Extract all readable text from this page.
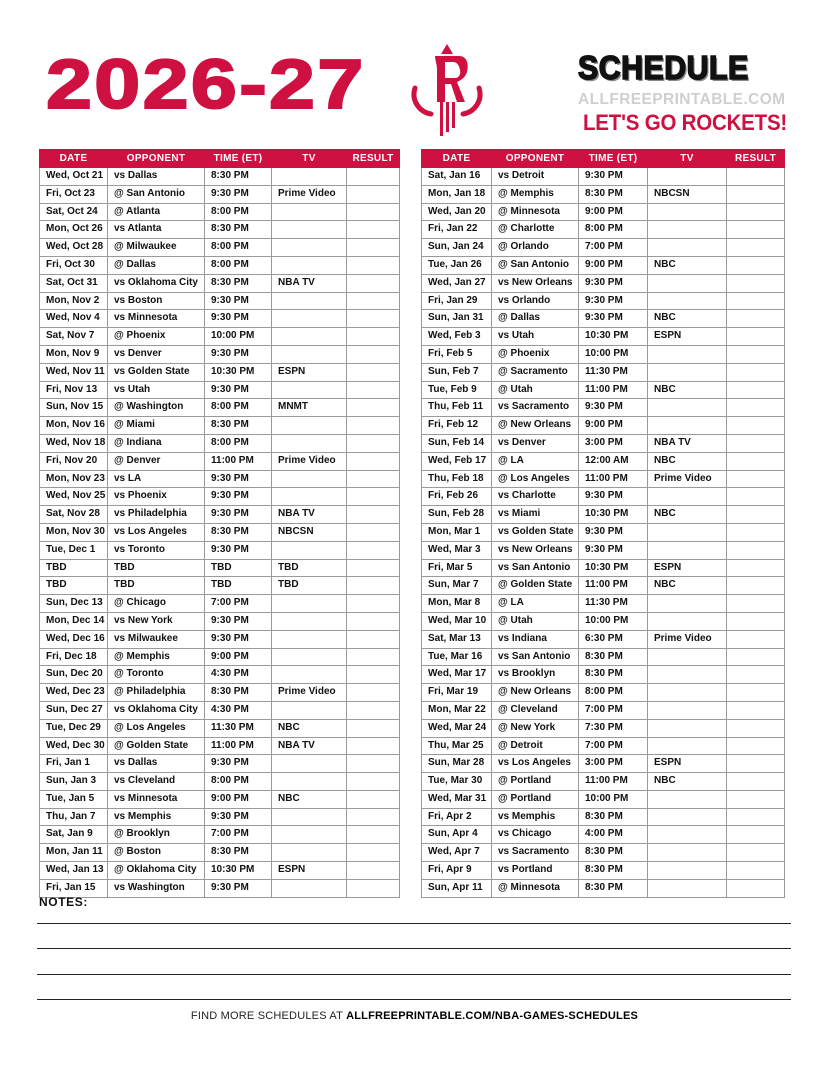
2026-27	SCHEDULE
ALLFREEPRINTABLE.COM
LET'S GO ROCKETS!
DATE	OPPONENT	TIME (ET)	TV	RESULT
Wed, Oct 21	vs Dallas	8:30 PM		
Fri, Oct 23	@ San Antonio	9:30 PM	Prime Video	
Sat, Oct 24	@ Atlanta	8:00 PM		
Mon, Oct 26	vs Atlanta	8:30 PM		
Wed, Oct 28	@ Milwaukee	8:00 PM		
Fri, Oct 30	@ Dallas	8:00 PM		
Sat, Oct 31	vs Oklahoma City	8:30 PM	NBA TV	
Mon, Nov 2	vs Boston	9:30 PM		
Wed, Nov 4	vs Minnesota	9:30 PM		
Sat, Nov 7	@ Phoenix	10:00 PM		
Mon, Nov 9	vs Denver	9:30 PM		
Wed, Nov 11	vs Golden State	10:30 PM	ESPN	
Fri, Nov 13	vs Utah	9:30 PM		
Sun, Nov 15	@ Washington	8:00 PM	MNMT	
Mon, Nov 16	@ Miami	8:30 PM		
Wed, Nov 18	@ Indiana	8:00 PM		
Fri, Nov 20	@ Denver	11:00 PM	Prime Video	
Mon, Nov 23	vs LA	9:30 PM		
Wed, Nov 25	vs Phoenix	9:30 PM		
Sat, Nov 28	vs Philadelphia	9:30 PM	NBA TV	
Mon, Nov 30	vs Los Angeles	8:30 PM	NBCSN	
Tue, Dec 1	vs Toronto	9:30 PM		
TBD	TBD	TBD	TBD	
TBD	TBD	TBD	TBD	
Sun, Dec 13	@ Chicago	7:00 PM		
Mon, Dec 14	vs New York	9:30 PM		
Wed, Dec 16	vs Milwaukee	9:30 PM		
Fri, Dec 18	@ Memphis	9:00 PM		
Sun, Dec 20	@ Toronto	4:30 PM		
Wed, Dec 23	@ Philadelphia	8:30 PM	Prime Video	
Sun, Dec 27	vs Oklahoma City	4:30 PM		
Tue, Dec 29	@ Los Angeles	11:30 PM	NBC	
Wed, Dec 30	@ Golden State	11:00 PM	NBA TV	
Fri, Jan 1	vs Dallas	9:30 PM		
Sun, Jan 3	vs Cleveland	8:00 PM		
Tue, Jan 5	vs Minnesota	9:00 PM	NBC	
Thu, Jan 7	vs Memphis	9:30 PM		
Sat, Jan 9	@ Brooklyn	7:00 PM		
Mon, Jan 11	@ Boston	8:30 PM		
Wed, Jan 13	@ Oklahoma City	10:30 PM	ESPN	
Fri, Jan 15	vs Washington	9:30 PM		
DATE	OPPONENT	TIME (ET)	TV	RESULT
Sat, Jan 16	vs Detroit	9:30 PM		
Mon, Jan 18	@ Memphis	8:30 PM	NBCSN	
Wed, Jan 20	@ Minnesota	9:00 PM		
Fri, Jan 22	@ Charlotte	8:00 PM		
Sun, Jan 24	@ Orlando	7:00 PM		
Tue, Jan 26	@ San Antonio	9:00 PM	NBC	
Wed, Jan 27	vs New Orleans	9:30 PM		
Fri, Jan 29	vs Orlando	9:30 PM		
Sun, Jan 31	@ Dallas	9:30 PM	NBC	
Wed, Feb 3	vs Utah	10:30 PM	ESPN	
Fri, Feb 5	@ Phoenix	10:00 PM		
Sun, Feb 7	@ Sacramento	11:30 PM		
Tue, Feb 9	@ Utah	11:00 PM	NBC	
Thu, Feb 11	vs Sacramento	9:30 PM		
Fri, Feb 12	@ New Orleans	9:00 PM		
Sun, Feb 14	vs Denver	3:00 PM	NBA TV	
Wed, Feb 17	@ LA	12:00 AM	NBC	
Thu, Feb 18	@ Los Angeles	11:00 PM	Prime Video	
Fri, Feb 26	vs Charlotte	9:30 PM		
Sun, Feb 28	vs Miami	10:30 PM	NBC	
Mon, Mar 1	vs Golden State	9:30 PM		
Wed, Mar 3	vs New Orleans	9:30 PM		
Fri, Mar 5	vs San Antonio	10:30 PM	ESPN	
Sun, Mar 7	@ Golden State	11:00 PM	NBC	
Mon, Mar 8	@ LA	11:30 PM		
Wed, Mar 10	@ Utah	10:00 PM		
Sat, Mar 13	vs Indiana	6:30 PM	Prime Video	
Tue, Mar 16	vs San Antonio	8:30 PM		
Wed, Mar 17	vs Brooklyn	8:30 PM		
Fri, Mar 19	@ New Orleans	8:00 PM		
Mon, Mar 22	@ Cleveland	7:00 PM		
Wed, Mar 24	@ New York	7:30 PM		
Thu, Mar 25	@ Detroit	7:00 PM		
Sun, Mar 28	vs Los Angeles	3:00 PM	ESPN	
Tue, Mar 30	@ Portland	11:00 PM	NBC	
Wed, Mar 31	@ Portland	10:00 PM		
Fri, Apr 2	vs Memphis	8:30 PM		
Sun, Apr 4	vs Chicago	4:00 PM		
Wed, Apr 7	vs Sacramento	8:30 PM		
Fri, Apr 9	vs Portland	8:30 PM		
Sun, Apr 11	@ Minnesota	8:30 PM		
NOTES:
FIND MORE SCHEDULES AT ALLFREEPRINTABLE.COM/NBA-GAMES-SCHEDULES
